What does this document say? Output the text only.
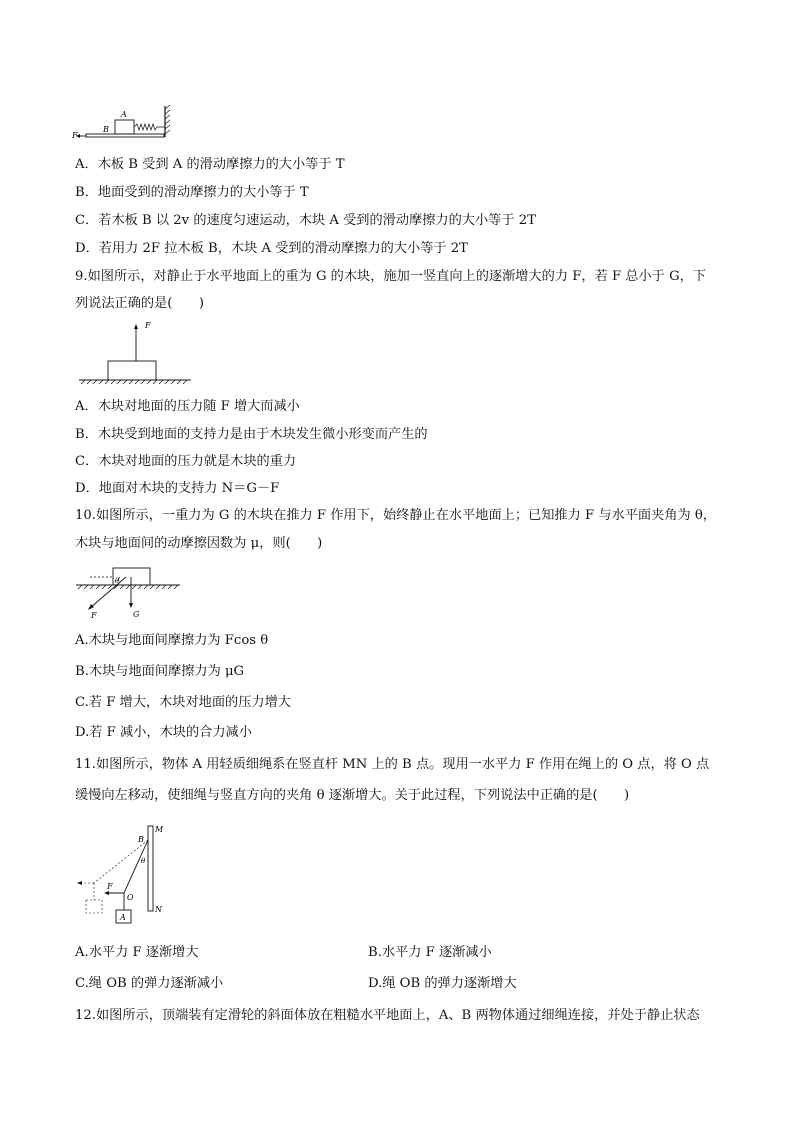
A
B
F
A．木板 B 受到 A 的滑动摩擦力的大小等于 T
B．地面受到的滑动摩擦力的大小等于 T
C．若木板 B 以 2v 的速度匀速运动，木块 A 受到的滑动摩擦力的大小等于 2T
D．若用力 2F 拉木板 B，木块 A 受到的滑动摩擦力的大小等于 2T
9.如图所示，对静止于水平地面上的重为 G 的木块，施加一竖直向上的逐渐增大的力 F，若 F 总小于 G，下
列说法正确的是(　　)
F
A．木块对地面的压力随 F 增大而减小
B．木块受到地面的支持力是由于木块发生微小形变而产生的
C．木块对地面的压力就是木块的重力
D．地面对木块的支持力 N＝G－F
10.如图所示，一重力为 G 的木块在推力 F 作用下，始终静止在水平地面上；已知推力 F 与水平面夹角为 θ，
木块与地面间的动摩擦因数为 μ，则(　　)
θ
F	G
A.木块与地面间摩擦力为 Fcos θ
B.木块与地面间摩擦力为 μG
C.若 F 增大，木块对地面的压力增大
D.若 F 减小，木块的合力减小
11.如图所示，物体 A 用轻质细绳系在竖直杆 MN 上的 B 点。现用一水平力 F 作用在绳上的 O 点，将 O 点
缓慢向左移动，使细绳与竖直方向的夹角 θ 逐渐增大。关于此过程，下列说法中正确的是(　　)
M
N
B
θ
F
O
A
A.水平力 F 逐渐增大	B.水平力 F 逐渐减小
C.绳 OB 的弹力逐渐减小	D.绳 OB 的弹力逐渐增大
12.如图所示，顶端装有定滑轮的斜面体放在粗糙水平地面上，A、B 两物体通过细绳连接，并处于静止状态
